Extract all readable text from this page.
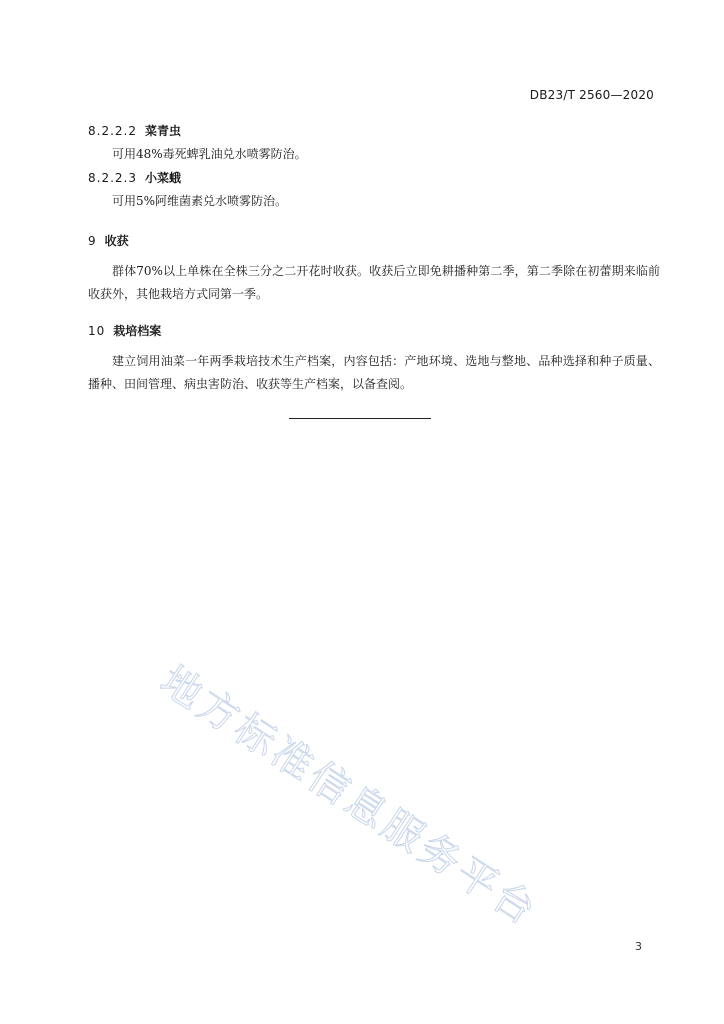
DB23/T 2560—2020
8.2.2.2 菜青虫
可用48%毒死蜱乳油兑水喷雾防治。
8.2.2.3 小菜蛾
可用5%阿维菌素兑水喷雾防治。
9 收获
群体70%以上单株在全株三分之二开花时收获。收获后立即免耕播种第二季，第二季除在初蕾期来临前收获外，其他栽培方式同第一季。
10 栽培档案
建立饲用油菜一年两季栽培技术生产档案，内容包括：产地环境、选地与整地、品种选择和种子质量、播种、田间管理、病虫害防治、收获等生产档案，以备查阅。
地方标准信息服务平台
3
